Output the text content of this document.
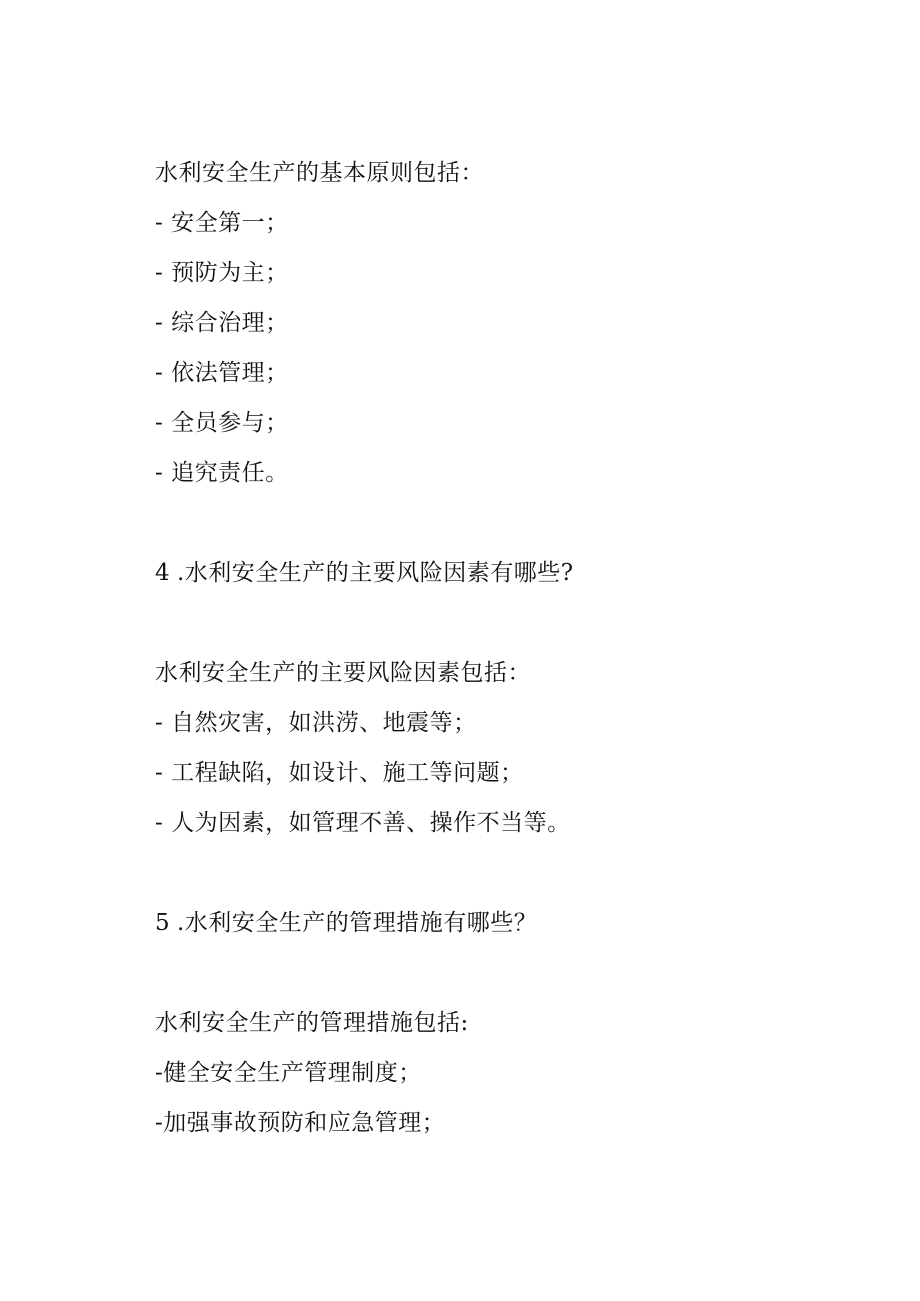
水利安全生产的基本原则包括：
- 安全第一；
- 预防为主；
- 综合治理；
- 依法管理；
- 全员参与；
- 追究责任。
4 .水利安全生产的主要风险因素有哪些?
水利安全生产的主要风险因素包括：
- 自然灾害，如洪涝、地震等；
- 工程缺陷，如设计、施工等问题；
- 人为因素，如管理不善、操作不当等。
5 .水利安全生产的管理措施有哪些？
水利安全生产的管理措施包括:
-健全安全生产管理制度；
-加强事故预防和应急管理；
